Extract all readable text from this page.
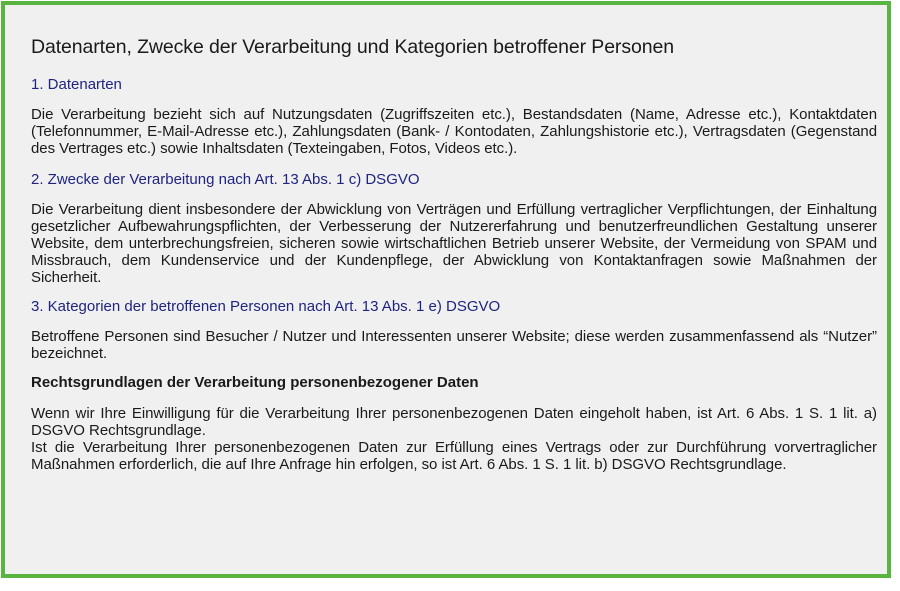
Datenarten, Zwecke der Verarbeitung und Kategorien betroffener Personen
1. Datenarten

Die Verarbeitung bezieht sich auf Nutzungsdaten (Zugriffszeiten etc.), Bestandsdaten (Name, Adresse etc.), Kontaktdaten (Telefonnummer, E-Mail-Adresse etc.), Zahlungsdaten (Bank- / Kontodaten, Zahlungshistorie etc.), Vertragsdaten (Gegenstand des Vertrages etc.) sowie Inhaltsdaten (Texteingaben, Fotos, Videos etc.).

2. Zwecke der Verarbeitung nach Art. 13 Abs. 1 c) DSGVO

Die Verarbeitung dient insbesondere der Abwicklung von Verträgen und Erfüllung vertraglicher Verpflichtungen, der Einhaltung gesetzlicher Aufbewahrungspflichten, der Verbesserung der Nutzererfahrung und benutzerfreundlichen Gestaltung unserer Website, dem unterbrechungsfreien, sicheren sowie wirtschaftlichen Betrieb unserer Website, der Vermeidung von SPAM und Missbrauch, dem Kundenservice und der Kundenpflege, der Abwicklung von Kontaktanfragen sowie Maßnahmen der Sicherheit.

3. Kategorien der betroffenen Personen nach Art. 13 Abs. 1 e) DSGVO

Betroffene Personen sind Besucher / Nutzer und Interessenten unserer Website; diese werden zusammenfassend als “Nutzer” bezeichnet.

Rechtsgrundlagen der Verarbeitung personenbezogener Daten

Wenn wir Ihre Einwilligung für die Verarbeitung Ihrer personenbezogenen Daten eingeholt haben, ist Art. 6 Abs. 1 S. 1 lit. a) DSGVO Rechtsgrundlage.

Ist die Verarbeitung Ihrer personenbezogenen Daten zur Erfüllung eines Vertrags oder zur Durchführung vorvertraglicher Maßnahmen erforderlich, die auf Ihre Anfrage hin erfolgen, so ist Art. 6 Abs. 1 S. 1 lit. b) DSGVO Rechtsgrundlage.
